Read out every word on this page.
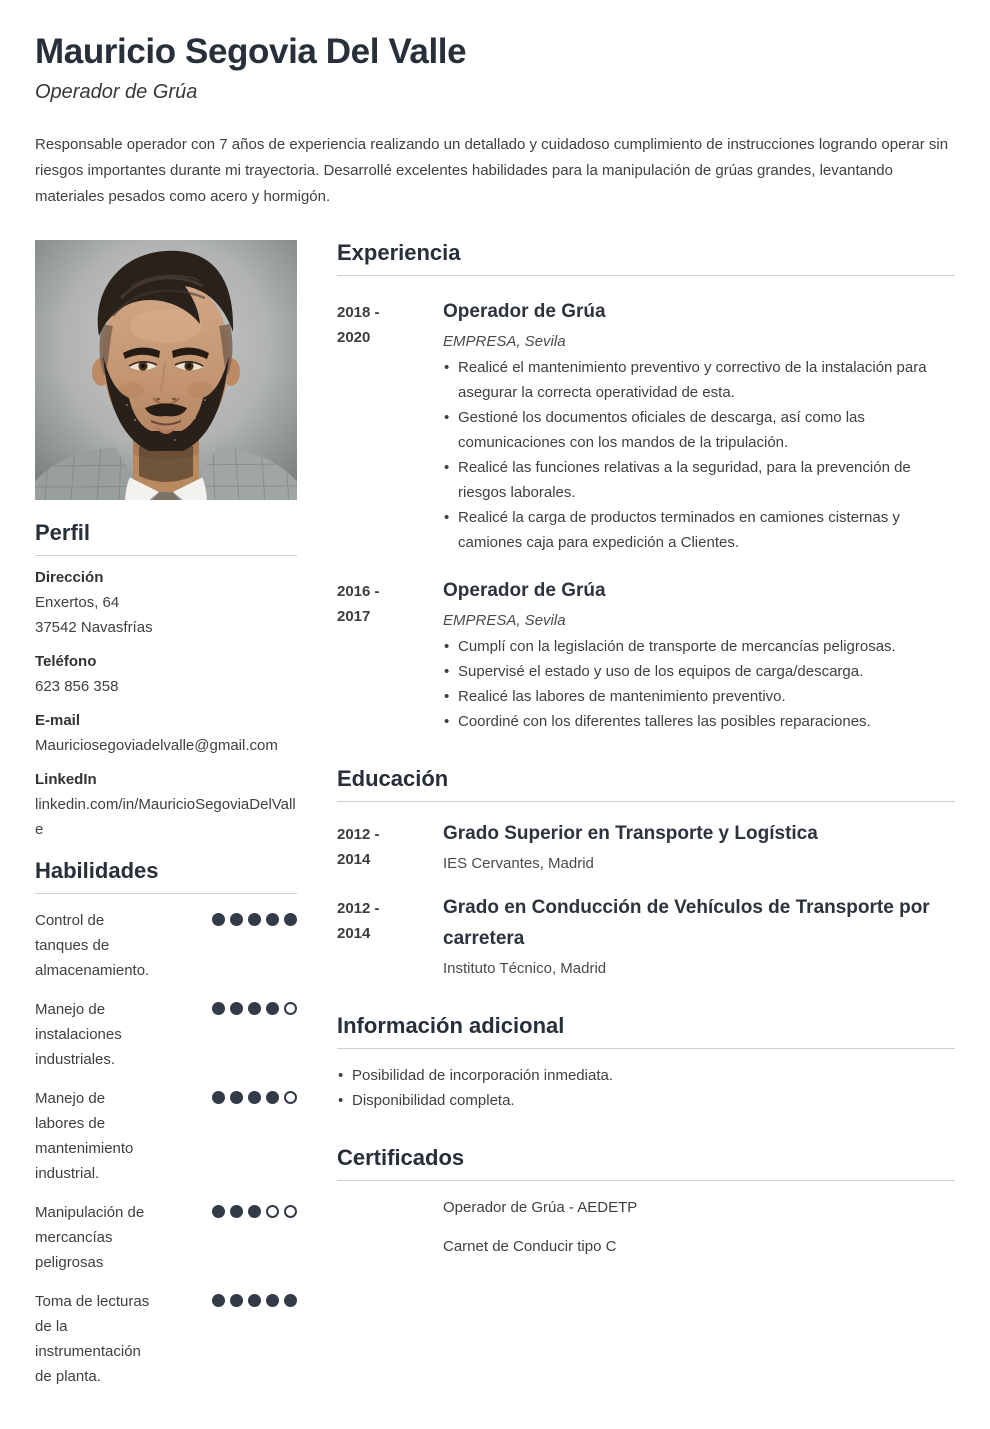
Mauricio Segovia Del Valle
Operador de Grúa

Responsable operador con 7 años de experiencia realizando un detallado y cuidadoso cumplimiento de instrucciones logrando operar sin riesgos importantes durante mi trayectoria. Desarrollé excelentes habilidades para la manipulación de grúas grandes, levantando materiales pesados como acero y hormigón.

Perfil
Dirección
Enxertos, 64
37542 Navasfrías
Teléfono
623 856 358
E-mail
Mauriciosegoviadelvalle@gmail.com
LinkedIn
linkedin.com/in/MauricioSegoviaDelValle
Habilidades
Control de tanques de almacenamiento.
Manejo de instalaciones industriales.
Manejo de labores de mantenimiento industrial.
Manipulación de mercancías peligrosas
Toma de lecturas de la instrumentación de planta.
Experiencia
2018 - 2020
Operador de Grúa
EMPRESA, Sevila
• Realicé el mantenimiento preventivo y correctivo de la instalación para asegurar la correcta operatividad de esta.
• Gestioné los documentos oficiales de descarga, así como las comunicaciones con los mandos de la tripulación.
• Realicé las funciones relativas a la seguridad, para la prevención de riesgos laborales.
• Realicé la carga de productos terminados en camiones cisternas y camiones caja para expedición a Clientes.
2016 - 2017
Operador de Grúa
EMPRESA, Sevila
• Cumplí con la legislación de transporte de mercancías peligrosas.
• Supervisé el estado y uso de los equipos de carga/descarga.
• Realicé las labores de mantenimiento preventivo.
• Coordiné con los diferentes talleres las posibles reparaciones.
Educación
2012 - 2014
Grado Superior en Transporte y Logística
IES Cervantes, Madrid
2012 - 2014
Grado en Conducción de Vehículos de Transporte por carretera
Instituto Técnico, Madrid
Información adicional
• Posibilidad de incorporación inmediata.
• Disponibilidad completa.
Certificados
Operador de Grúa - AEDETP
Carnet de Conducir tipo C
